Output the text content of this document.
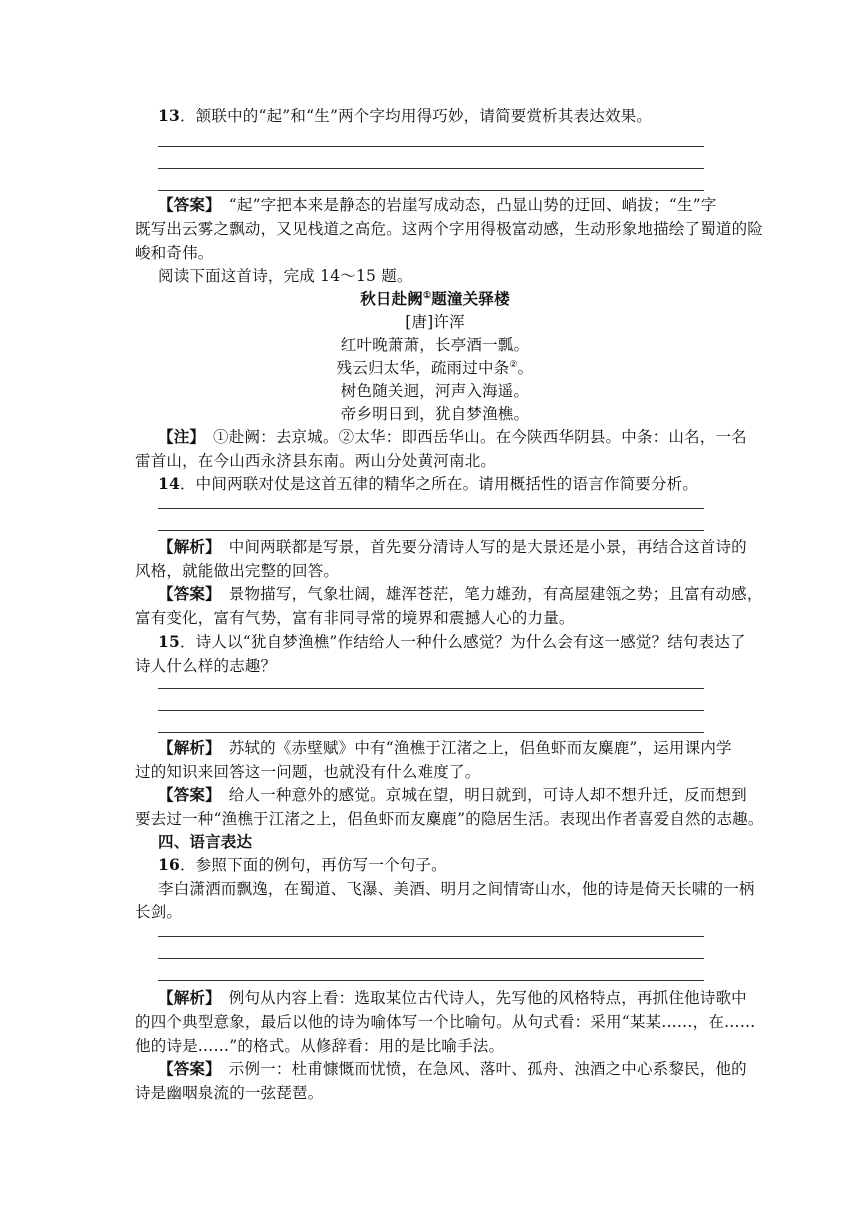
13．颔联中的“起”和“生”两个字均用得巧妙，请简要赏析其表达效果。
【答案】　“起”字把本来是静态的岩崖写成动态，凸显山势的迂回、峭拔；“生”字
既写出云雾之飘动，又见栈道之高危。这两个字用得极富动感，生动形象地描绘了蜀道的险
峻和奇伟。
阅读下面这首诗，完成 14～15 题。
秋日赴阙①题潼关驿楼
[唐]许浑
红叶晚萧萧，长亭酒一瓢。
残云归太华，疏雨过中条②。
树色随关迥，河声入海遥。
帝乡明日到，犹自梦渔樵。
【注】　①赴阙：去京城。②太华：即西岳华山。在今陕西华阴县。中条：山名，一名
雷首山，在今山西永济县东南。两山分处黄河南北。
14．中间两联对仗是这首五律的精华之所在。请用概括性的语言作简要分析。
【解析】　中间两联都是写景，首先要分清诗人写的是大景还是小景，再结合这首诗的
风格，就能做出完整的回答。
【答案】　景物描写，气象壮阔，雄浑苍茫，笔力雄劲，有高屋建瓴之势；且富有动感，
富有变化，富有气势，富有非同寻常的境界和震撼人心的力量。
15．诗人以“犹自梦渔樵”作结给人一种什么感觉？为什么会有这一感觉？结句表达了
诗人什么样的志趣？
【解析】　苏轼的《赤壁赋》中有“渔樵于江渚之上，侣鱼虾而友麋鹿”，运用课内学
过的知识来回答这一问题，也就没有什么难度了。
【答案】　给人一种意外的感觉。京城在望，明日就到，可诗人却不想升迁，反而想到
要去过一种“渔樵于江渚之上，侣鱼虾而友麋鹿”的隐居生活。表现出作者喜爱自然的志趣。
四、语言表达
16．参照下面的例句，再仿写一个句子。
李白潇洒而飘逸，在蜀道、飞瀑、美酒、明月之间情寄山水，他的诗是倚天长啸的一柄
长剑。
【解析】　例句从内容上看：选取某位古代诗人，先写他的风格特点，再抓住他诗歌中
的四个典型意象，最后以他的诗为喻体写一个比喻句。从句式看：采用“某某……，在……
他的诗是……”的格式。从修辞看：用的是比喻手法。
【答案】　示例一：杜甫慷慨而忧愤，在急风、落叶、孤舟、浊酒之中心系黎民，他的
诗是幽咽泉流的一弦琵琶。
